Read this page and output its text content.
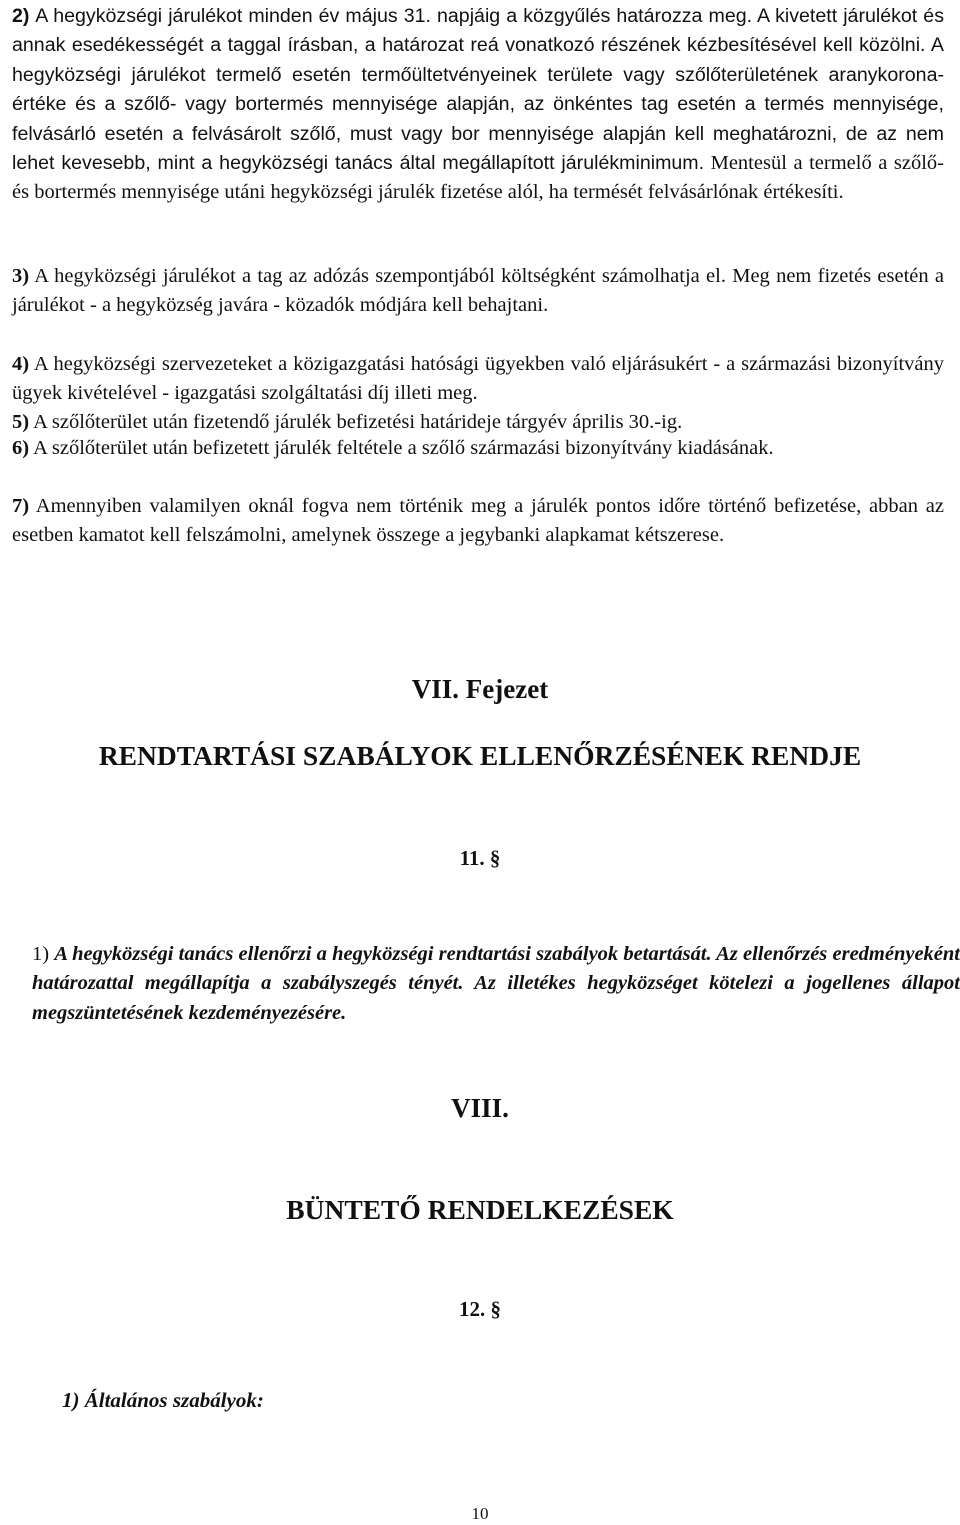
2) A hegyközségi járulékot minden év május 31. napjáig a közgyűlés határozza meg. A kivetett járulékot és annak esedékességét a taggal írásban, a határozat reá vonatkozó részének kézbesítésével kell közölni. A hegyközségi járulékot termelő esetén termőültetvényeinek területe vagy szőlőterületének aranykorona-értéke és a szőlő- vagy bortermés mennyisége alapján, az önkéntes tag esetén a termés mennyisége, felvásárló esetén a felvásárolt szőlő, must vagy bor mennyisége alapján kell meghatározni, de az nem lehet kevesebb, mint a hegyközségi tanács által megállapított járulékminimum. Mentesül a termelő a szőlő- és bortermés mennyisége utáni hegyközségi járulék fizetése alól, ha termését felvásárlónak értékesíti.

3) A hegyközségi járulékot a tag az adózás szempontjából költségként számolhatja el. Meg nem fizetés esetén a járulékot - a hegyközség javára - közadók módjára kell behajtani.

4) A hegyközségi szervezeteket a közigazgatási hatósági ügyekben való eljárásukért - a származási bizonyítvány ügyek kivételével - igazgatási szolgáltatási díj illeti meg.

5) A szőlőterület után fizetendő járulék befizetési határideje tárgyév április 30.-ig.

6) A szőlőterület után befizetett járulék feltétele a szőlő származási bizonyítvány kiadásának.

7) Amennyiben valamilyen oknál fogva nem történik meg a járulék pontos időre történő befizetése, abban az esetben kamatot kell felszámolni, amelynek összege a jegybanki alapkamat kétszerese.

VII. Fejezet

RENDTARTÁSI SZABÁLYOK ELLENŐRZÉSÉNEK RENDJE

11. §

1) A hegyközségi tanács ellenőrzi a hegyközségi rendtartási szabályok betartását. Az ellenőrzés eredményeként határozattal megállapítja a szabályszegés tényét. Az illetékes hegyközséget kötelezi a jogellenes állapot megszüntetésének kezdeményezésére.

VIII.

BÜNTETŐ RENDELKEZÉSEK

12. §

1) Általános szabályok:

10
